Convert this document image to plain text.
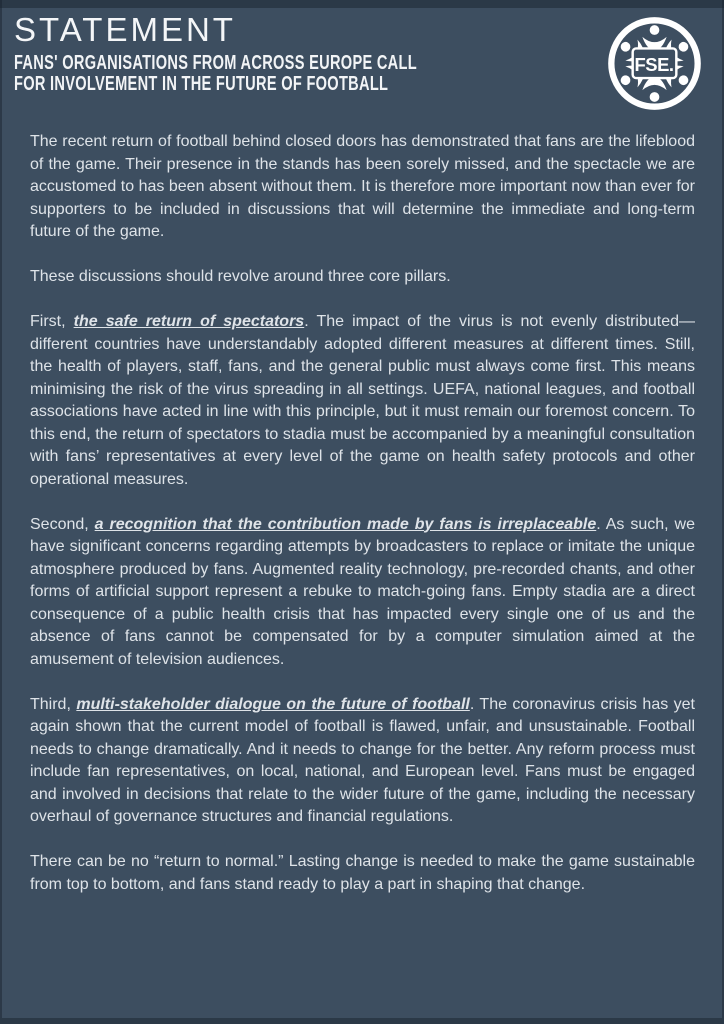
STATEMENT
FANS' ORGANISATIONS FROM ACROSS EUROPE CALL
FOR INVOLVEMENT IN THE FUTURE OF FOOTBALL
FSE.

The recent return of football behind closed doors has demonstrated that fans are the lifeblood of the game. Their presence in the stands has been sorely missed, and the spectacle we are accustomed to has been absent without them. It is therefore more important now than ever for supporters to be included in discussions that will determine the immediate and long-term future of the game.

These discussions should revolve around three core pillars.

First, the safe return of spectators. The impact of the virus is not evenly distributed—different countries have understandably adopted different measures at different times. Still, the health of players, staff, fans, and the general public must always come first. This means minimising the risk of the virus spreading in all settings. UEFA, national leagues, and football associations have acted in line with this principle, but it must remain our foremost concern. To this end, the return of spectators to stadia must be accompanied by a meaningful consultation with fans’ representatives at every level of the game on health safety protocols and other operational measures.

Second, a recognition that the contribution made by fans is irreplaceable. As such, we have significant concerns regarding attempts by broadcasters to replace or imitate the unique atmosphere produced by fans. Augmented reality technology, pre-recorded chants, and other forms of artificial support represent a rebuke to match-going fans. Empty stadia are a direct consequence of a public health crisis that has impacted every single one of us and the absence of fans cannot be compensated for by a computer simulation aimed at the amusement of television audiences.

Third, multi-stakeholder dialogue on the future of football. The coronavirus crisis has yet again shown that the current model of football is flawed, unfair, and unsustainable. Football needs to change dramatically. And it needs to change for the better. Any reform process must include fan representatives, on local, national, and European level. Fans must be engaged and involved in decisions that relate to the wider future of the game, including the necessary overhaul of governance structures and financial regulations.

There can be no “return to normal.” Lasting change is needed to make the game sustainable from top to bottom, and fans stand ready to play a part in shaping that change.
